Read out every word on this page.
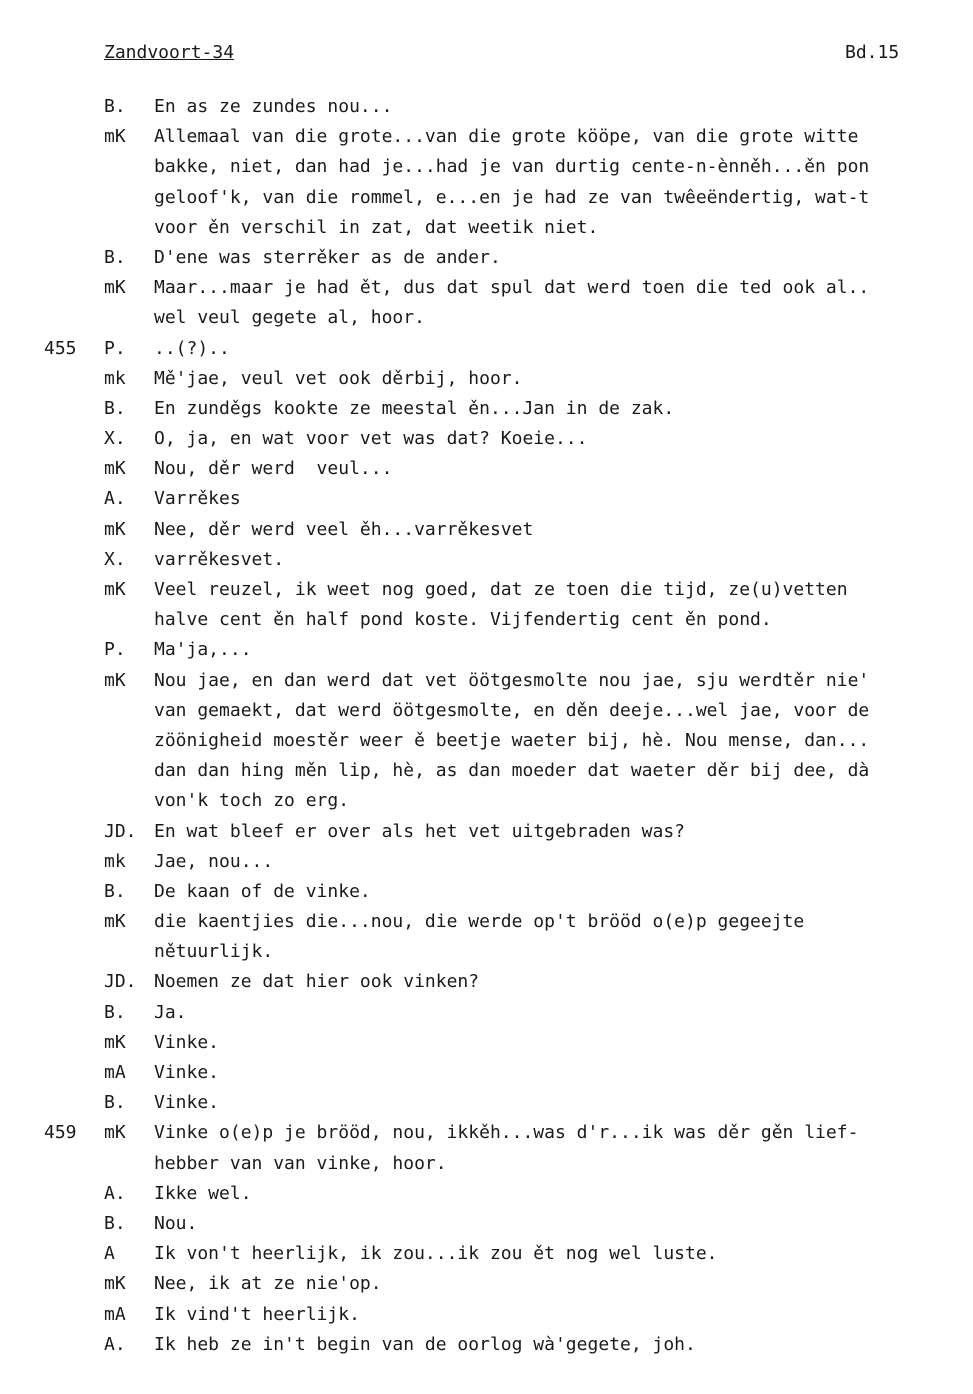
Zandvoort-34	Bd.15
B. En as ze zundes nou...
mK Allemaal van die grote...van die grote kööpe, van die grote witte
bakke, niet, dan had je...had je van durtig cente-n-ènněh...ěn pon
geloof'k, van die rommel, e...en je had ze van twêeëndertig, wat-t
voor ěn verschil in zat, dat weetik niet.
B. D'ene was sterrěker as de ander.
mK Maar...maar je had ět, dus dat spul dat werd toen die ted ook al..
wel veul gegete al, hoor.
455 P. ..(?)..
mk Mě'jae, veul vet ook děrbij, hoor.
B. En zunděgs kookte ze meestal ěn...Jan in de zak.
X. O, ja, en wat voor vet was dat? Koeie...
mK Nou, děr werd  veul...
A. Varrěkes
mK Nee, děr werd veel ěh...varrěkesvet
X. varrěkesvet.
mK Veel reuzel, ik weet nog goed, dat ze toen die tijd, ze(u)vetten
halve cent ěn half pond koste. Vijfendertig cent ěn pond.
P. Ma'ja,...
mK Nou jae, en dan werd dat vet öötgesmolte nou jae, sju werdtěr nie'
van gemaekt, dat werd öötgesmolte, en děn deeje...wel jae, voor de
zöönigheid moestěr weer ě beetje waeter bij, hè. Nou mense, dan...
dan dan hing měn lip, hè, as dan moeder dat waeter děr bij dee, dà
von'k toch zo erg.
JD. En wat bleef er over als het vet uitgebraden was?
mk Jae, nou...
B. De kaan of de vinke.
mK die kaentjies die...nou, die werde op't brööd o(e)p gegeejte
nětuurlijk.
JD. Noemen ze dat hier ook vinken?
B. Ja.
mK Vinke.
mA Vinke.
B. Vinke.
459 mK Vinke o(e)p je brööd, nou, ikkěh...was d'r...ik was děr gěn lief-
hebber van van vinke, hoor.
A. Ikke wel.
B. Nou.
A Ik von't heerlijk, ik zou...ik zou ět nog wel luste.
mK Nee, ik at ze nie'op.
mA Ik vind't heerlijk.
A. Ik heb ze in't begin van de oorlog wà'gegete, joh.
